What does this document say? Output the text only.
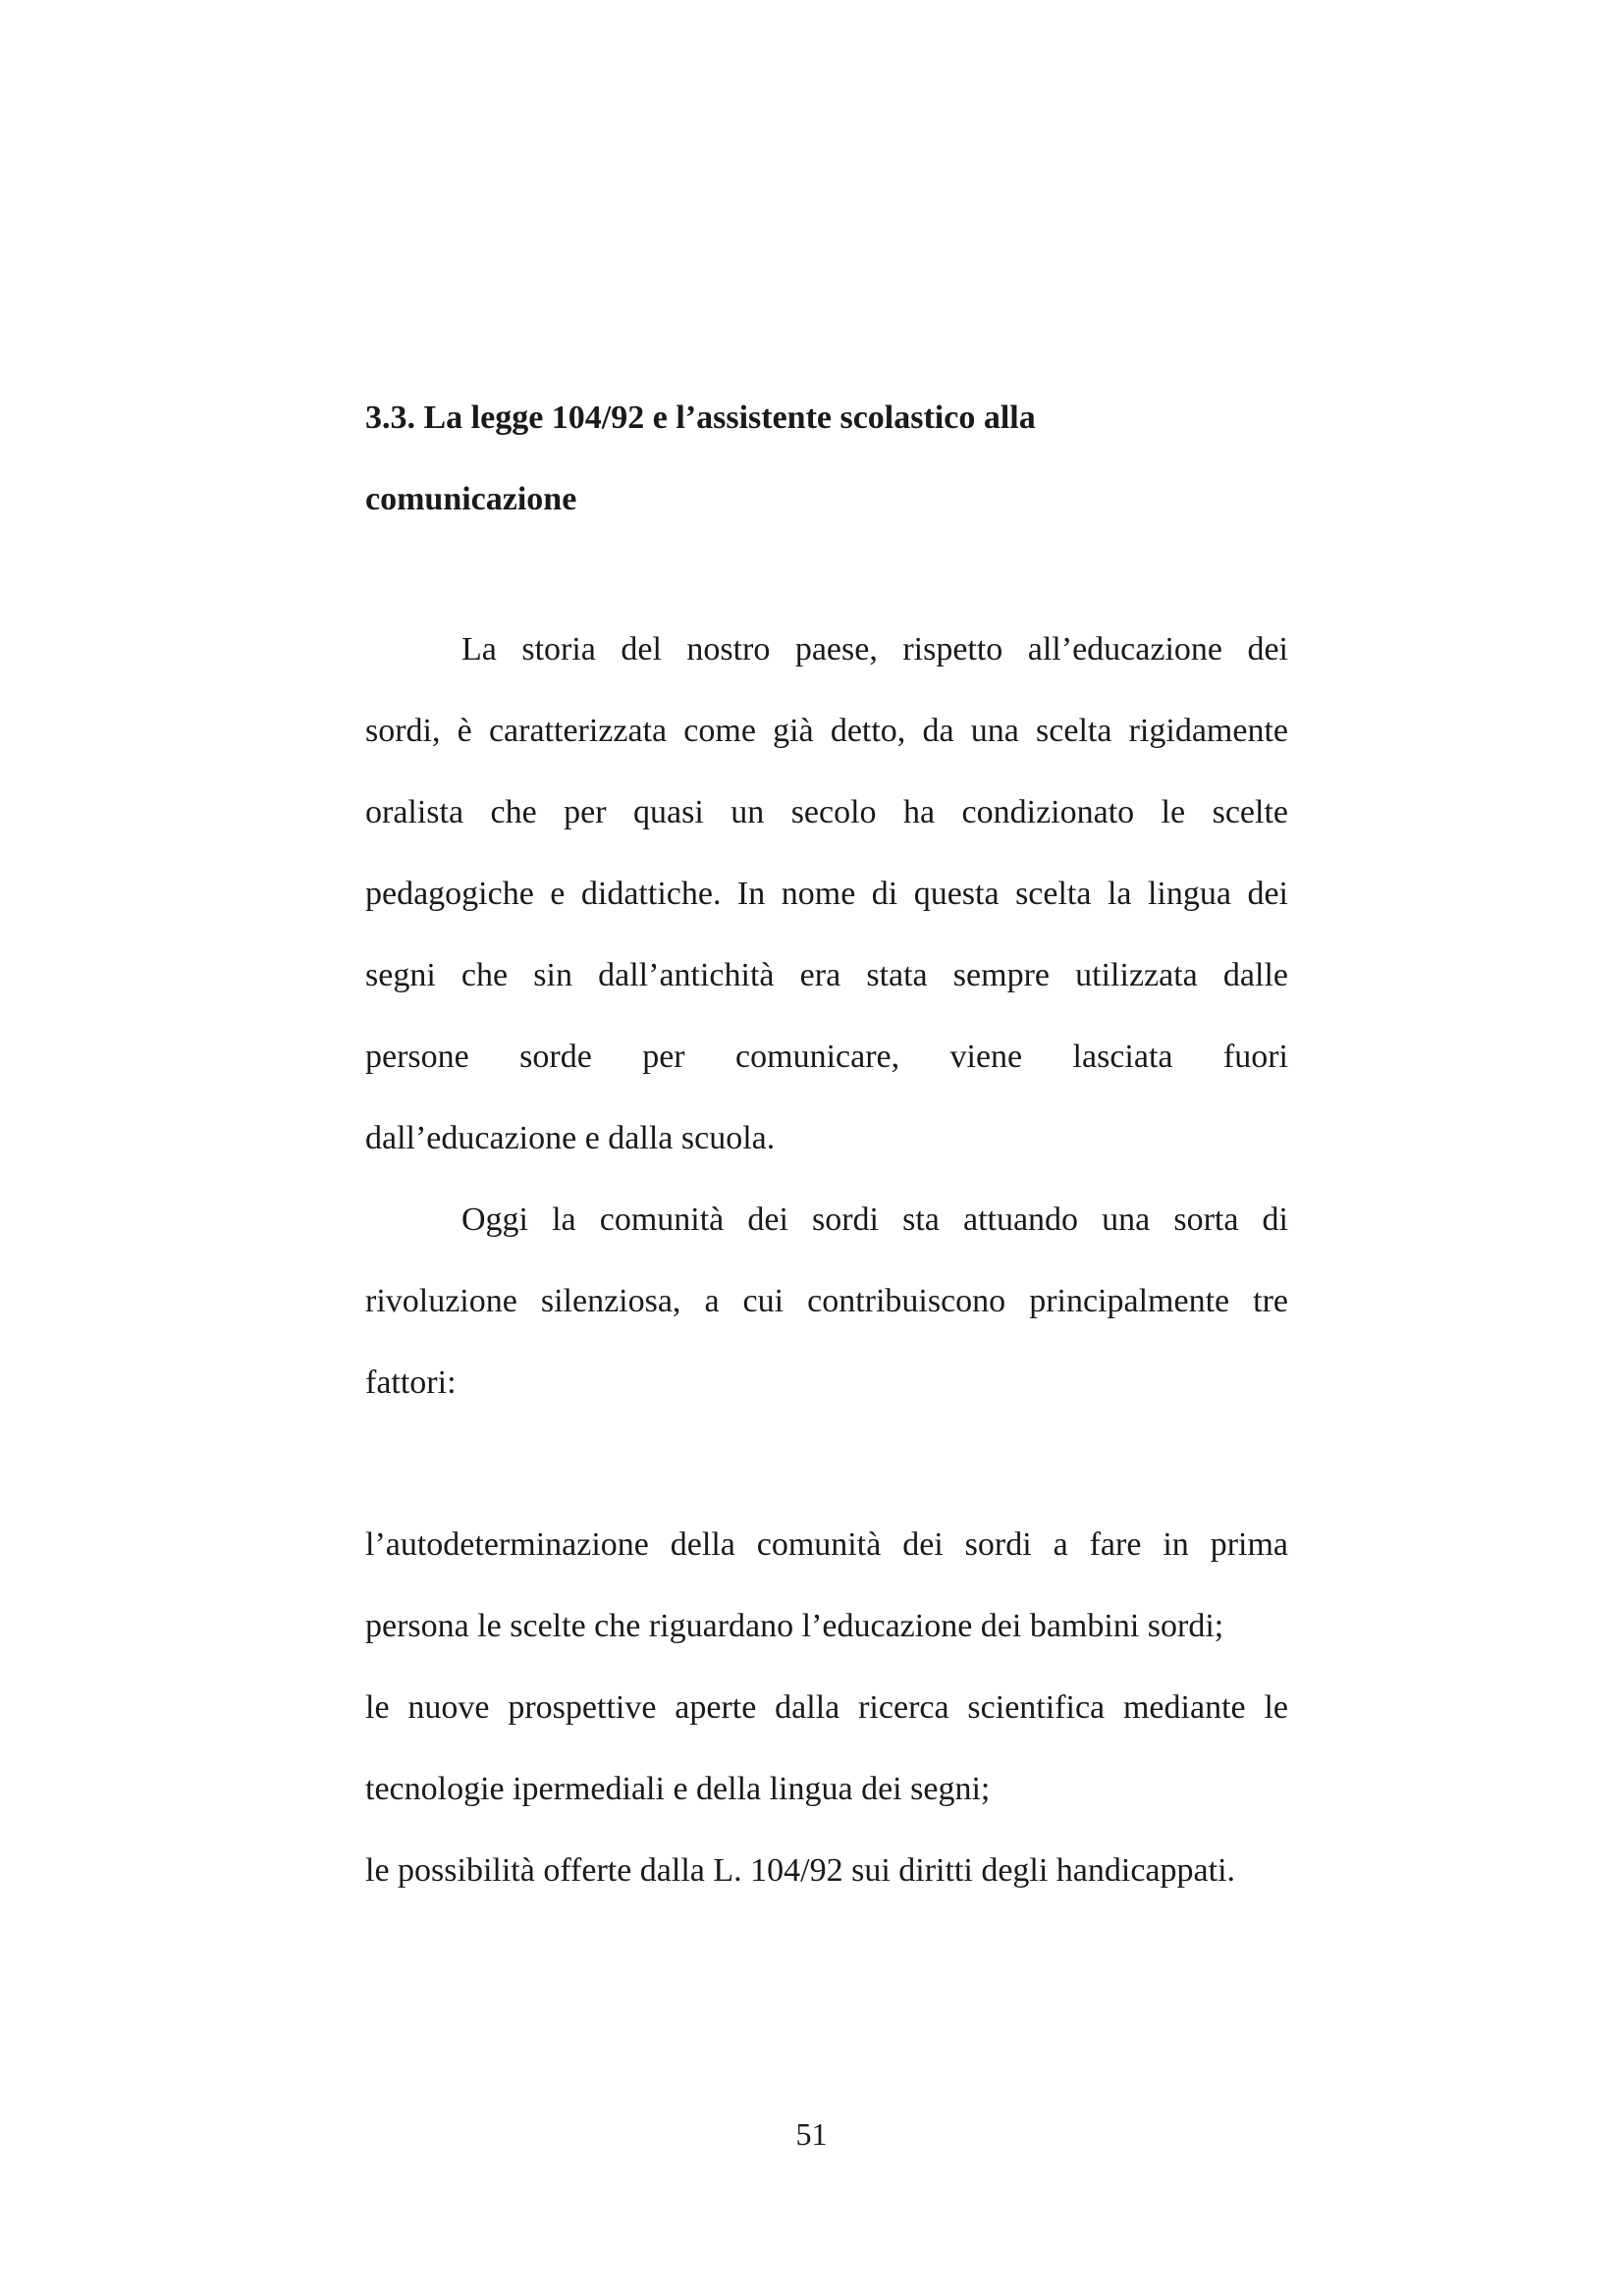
3.3. La legge 104/92 e l’assistente scolastico alla
comunicazione

La storia del nostro paese, rispetto all’educazione dei

sordi, è caratterizzata come già detto, da una scelta rigidamente

oralista che per quasi un secolo ha condizionato le scelte

pedagogiche e didattiche. In nome di questa scelta la lingua dei

segni che sin dall’antichità era stata sempre utilizzata dalle

persone sorde per comunicare, viene lasciata fuori

dall’educazione e dalla scuola.

Oggi la comunità dei sordi sta attuando una sorta di

rivoluzione silenziosa, a cui contribuiscono principalmente tre

fattori:

l’autodeterminazione della comunità dei sordi a fare in prima

persona le scelte che riguardano l’educazione dei bambini sordi;

le nuove prospettive aperte dalla ricerca scientifica mediante le

tecnologie ipermediali e della lingua dei segni;

le possibilità offerte dalla L. 104/92 sui diritti degli handicappati.

51
